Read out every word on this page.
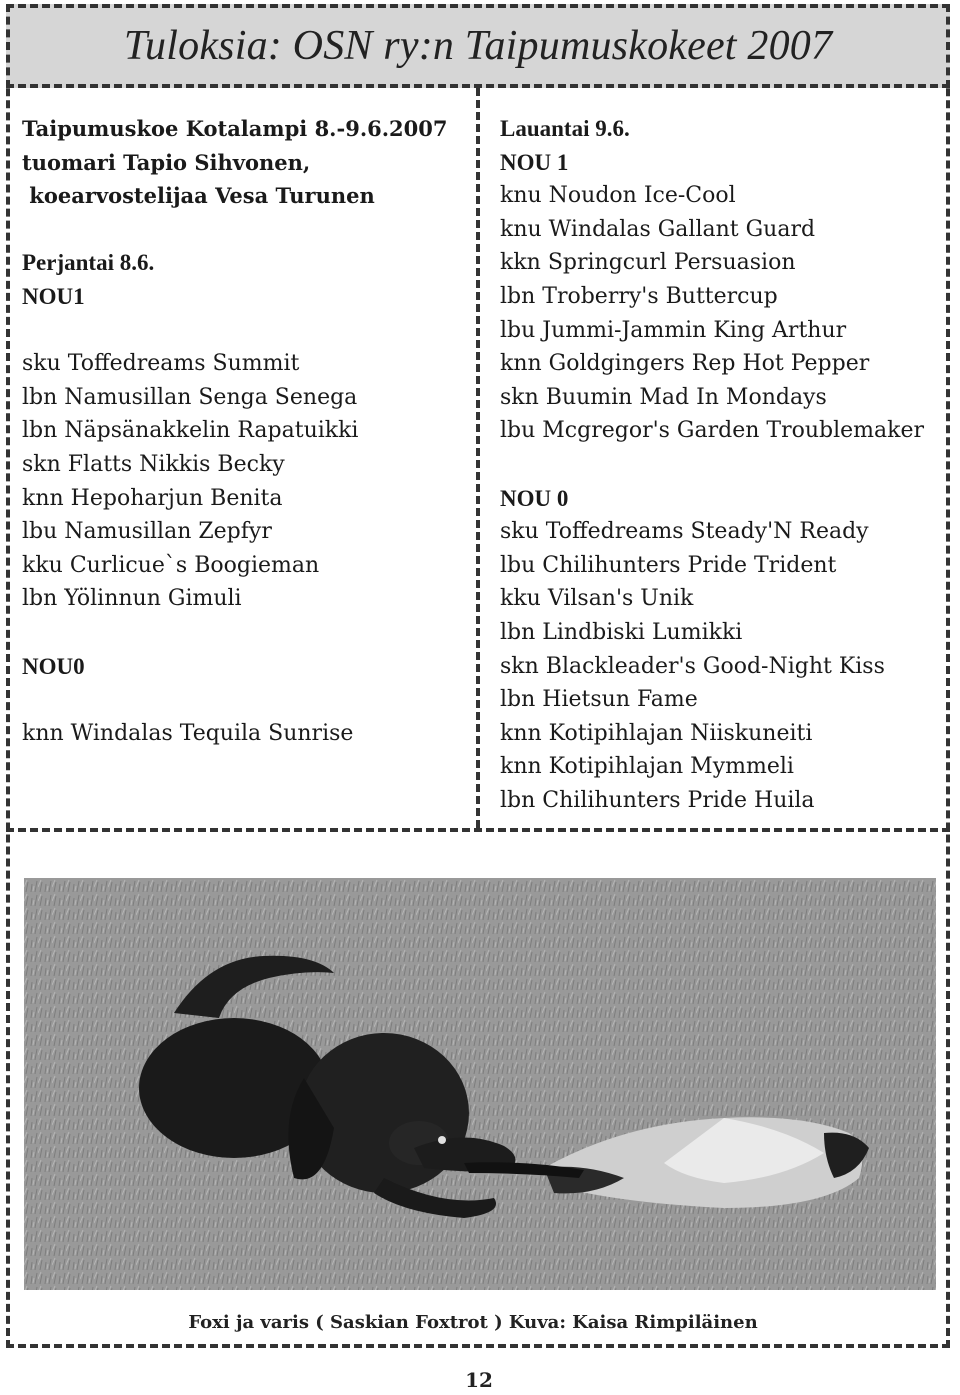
Tuloksia: OSN ry:n Taipumuskokeet 2007
Taipumuskoe Kotalampi 8.-9.6.2007
tuomari Tapio Sihvonen,
koearvostelijaa Vesa Turunen
Perjantai 8.6.
NOU1
sku Toffedreams Summit
lbn Namusillan Senga Senega
lbn Näpsänakkelin Rapatuikki
skn Flatts Nikkis Becky
knn Hepoharjun Benita
lbu Namusillan Zepfyr
kku Curlicue`s Boogieman
lbn Yölinnun Gimuli
NOU0
knn Windalas Tequila Sunrise
Lauantai 9.6.
NOU 1
knu Noudon Ice-Cool
knu Windalas Gallant Guard
kkn Springcurl Persuasion
lbn Troberry's Buttercup
lbu Jummi-Jammin King Arthur
knn Goldgingers Rep Hot Pepper
skn Buumin Mad In Mondays
lbu Mcgregor's Garden Troublemaker
NOU 0
sku Toffedreams Steady'N Ready
lbu Chilihunters Pride Trident
kku Vilsan's Unik
lbn Lindbiski Lumikki
skn Blackleader's Good-Night Kiss
lbn Hietsun Fame
knn Kotipihlajan Niiskuneiti
knn Kotipihlajan Mymmeli
lbn Chilihunters Pride Huila
Foxi ja varis ( Saskian Foxtrot ) Kuva: Kaisa Rimpiläinen
12
